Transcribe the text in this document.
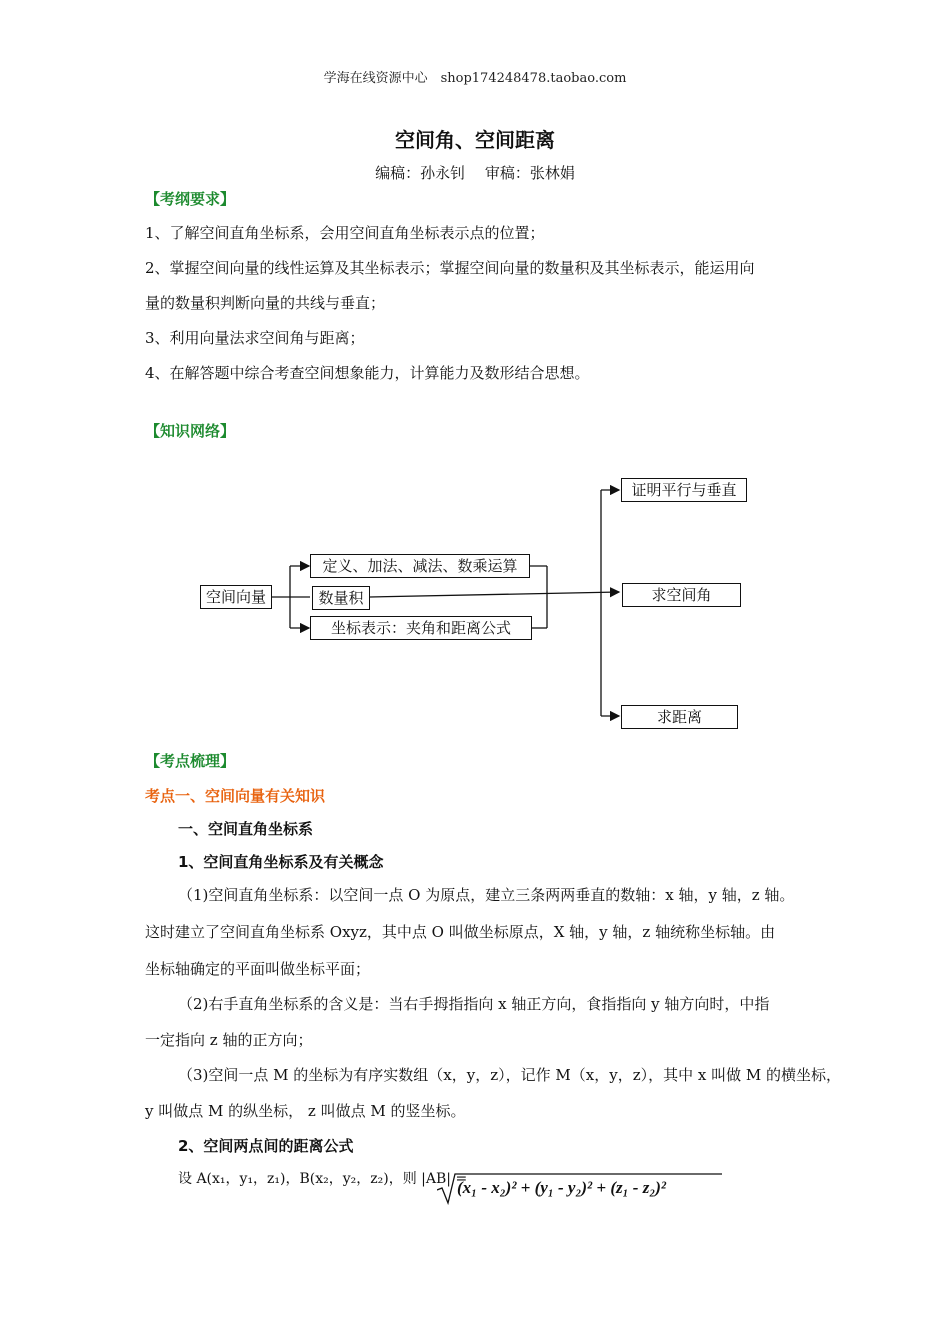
学海在线资源中心　shop174248478.taobao.com
空间角、空间距离
编稿：孙永钊　 审稿：张林娟
【考纲要求】
1、了解空间直角坐标系，会用空间直角坐标表示点的位置；
2、掌握空间向量的线性运算及其坐标表示；掌握空间向量的数量积及其坐标表示，能运用向
量的数量积判断向量的共线与垂直；
3、利用向量法求空间角与距离；
4、在解答题中综合考查空间想象能力，计算能力及数形结合思想。
【知识网络】
空间向量
定义、加法、减法、数乘运算
数量积
坐标表示：夹角和距离公式
证明平行与垂直
求空间角
求距离
【考点梳理】
考点一、空间向量有关知识
一、空间直角坐标系
1、空间直角坐标系及有关概念
（1)空间直角坐标系：以空间一点 O 为原点，建立三条两两垂直的数轴：x 轴，y 轴，z 轴。
这时建立了空间直角坐标系 Oxyz，其中点 O 叫做坐标原点，X 轴，y 轴，z 轴统称坐标轴。由
坐标轴确定的平面叫做坐标平面；
（2)右手直角坐标系的含义是：当右手拇指指向 x 轴正方向，食指指向 y 轴方向时，中指
一定指向 z 轴的正方向；
（3)空间一点 M 的坐标为有序实数组（x，y，z），记作 M（x，y，z），其中 x 叫做 M 的横坐标，
y 叫做点 M 的纵坐标， z 叫做点 M 的竖坐标。
2、空间两点间的距离公式
设 A(x₁，y₁，z₁)，B(x₂，y₂，z₂)，则 |AB| =
(x₁ - x₂)² + (y₁ - y₂)² + (z₁ - z₂)²
